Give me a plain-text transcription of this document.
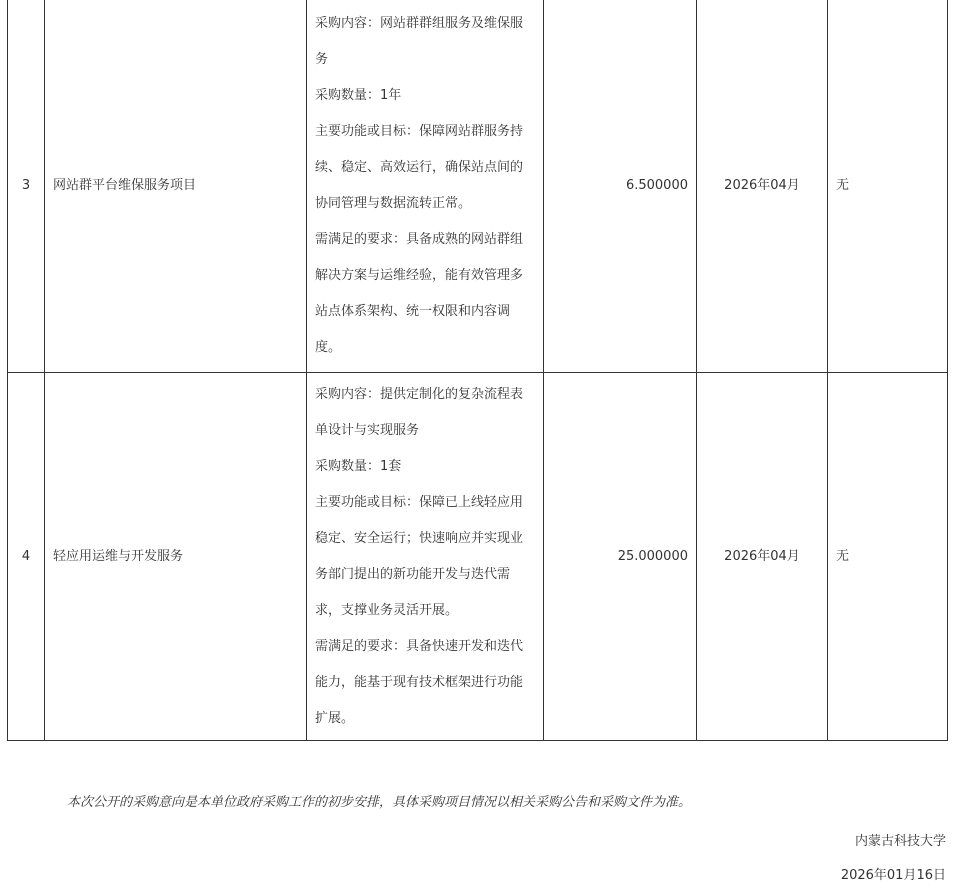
3	网站群平台维保服务项目	采购内容：网站群群组服务及维保服务
采购数量：1年
主要功能或目标：保障网站群服务持续、稳定、高效运行，确保站点间的协同管理与数据流转正常。
需满足的要求：具备成熟的网站群组解决方案与运维经验，能有效管理多站点体系架构、统一权限和内容调度。	6.500000	2026年04月	无
4	轻应用运维与开发服务	采购内容：提供定制化的复杂流程表单设计与实现服务
采购数量：1套
主要功能或目标：保障已上线轻应用稳定、安全运行；快速响应并实现业务部门提出的新功能开发与迭代需求，支撑业务灵活开展。
需满足的要求：具备快速开发和迭代能力，能基于现有技术框架进行功能扩展。	25.000000	2026年04月	无
本次公开的采购意向是本单位政府采购工作的初步安排，具体采购项目情况以相关采购公告和采购文件为准。
内蒙古科技大学
2026年01月16日
